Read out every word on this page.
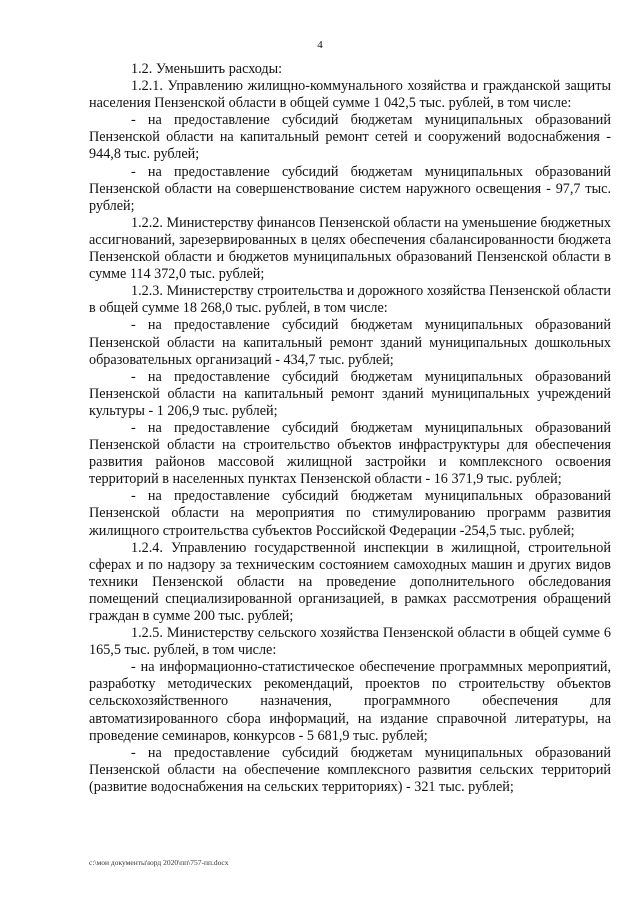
4

1.2. Уменьшить расходы:

1.2.1. Управлению жилищно-коммунального хозяйства и гражданской защиты населения Пензенской области в общей сумме 1 042,5 тыс. рублей, в том числе:

- на предоставление субсидий бюджетам муниципальных образований Пензенской области на капитальный ремонт сетей и сооружений водоснабжения - 944,8 тыс. рублей;

- на предоставление субсидий бюджетам муниципальных образований Пензенской области на совершенствование систем наружного освещения - 97,7 тыс. рублей;

1.2.2. Министерству финансов Пензенской области на уменьшение бюджетных ассигнований, зарезервированных в целях обеспечения сбалансированности бюджета Пензенской области и бюджетов муниципальных образований Пензенской области в сумме 114 372,0 тыс. рублей;

1.2.3. Министерству строительства и дорожного хозяйства Пензенской области в общей сумме 18 268,0 тыс. рублей, в том числе:

- на предоставление субсидий бюджетам муниципальных образований Пензенской области на капитальный ремонт зданий муниципальных дошкольных образовательных организаций - 434,7 тыс. рублей;

- на предоставление субсидий бюджетам муниципальных образований Пензенской области на капитальный ремонт зданий муниципальных учреждений культуры - 1 206,9 тыс. рублей;

- на предоставление субсидий бюджетам муниципальных образований Пензенской области на строительство объектов инфраструктуры для обеспечения развития районов массовой жилищной застройки и комплексного освоения территорий в населенных пунктах Пензенской области - 16 371,9 тыс. рублей;

- на предоставление субсидий бюджетам муниципальных образований Пензенской области на мероприятия по стимулированию программ развития жилищного строительства субъектов Российской Федерации -254,5 тыс. рублей;

1.2.4. Управлению государственной инспекции в жилищной, строительной сферах и по надзору за техническим состоянием самоходных машин и других видов техники Пензенской области на проведение дополнительного обследования помещений специализированной организацией, в рамках рассмотрения обращений граждан в сумме 200 тыс. рублей;

1.2.5. Министерству сельского хозяйства Пензенской области в общей сумме 6 165,5 тыс. рублей, в том числе:

- на информационно-статистическое обеспечение программных мероприятий, разработку методических рекомендаций, проектов по строительству объектов сельскохозяйственного назначения, программного обеспечения для автоматизированного сбора информаций, на издание справочной литературы, на проведение семинаров, конкурсов - 5 681,9 тыс. рублей;

- на предоставление субсидий бюджетам муниципальных образований Пензенской области на обеспечение комплексного развития сельских территорий (развитие водоснабжения на сельских территориях) - 321 тыс. рублей;

c:\мои документы\юрд 2020\пп\757-пп.docx
